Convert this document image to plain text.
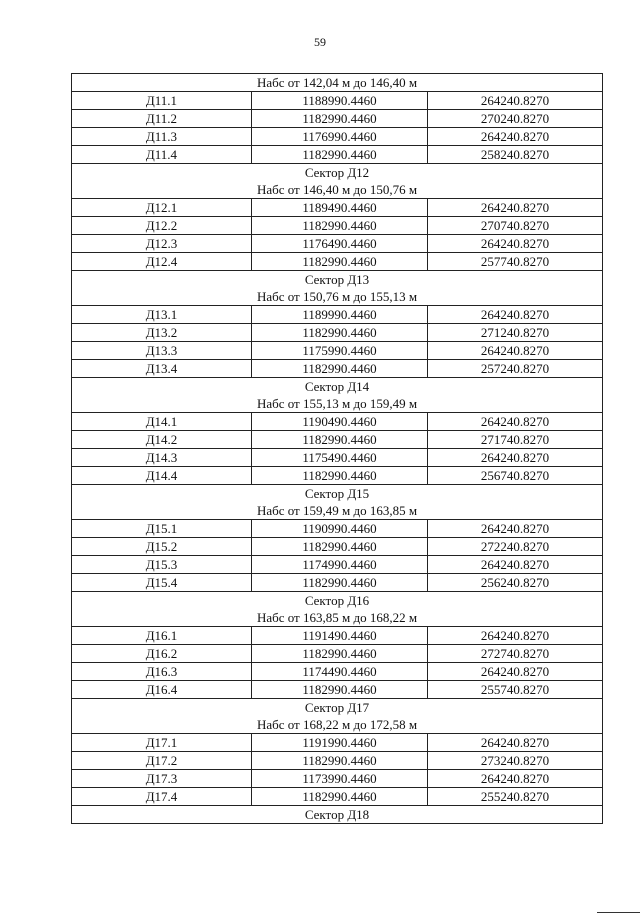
59
Набс от 142,04 м до 146,40 м		

Д11.1	1188990.4460	264240.8270
Д11.2	1182990.4460	270240.8270
Д11.3	1176990.4460	264240.8270
Д11.4	1182990.4460	258240.8270

Сектор Д12
Набс от 146,40 м до 150,76 м		

Д12.1	1189490.4460	264240.8270
Д12.2	1182990.4460	270740.8270
Д12.3	1176490.4460	264240.8270
Д12.4	1182990.4460	257740.8270

Сектор Д13
Набс от 150,76 м до 155,13 м		

Д13.1	1189990.4460	264240.8270
Д13.2	1182990.4460	271240.8270
Д13.3	1175990.4460	264240.8270
Д13.4	1182990.4460	257240.8270

Сектор Д14
Набс от 155,13 м до 159,49 м		

Д14.1	1190490.4460	264240.8270
Д14.2	1182990.4460	271740.8270
Д14.3	1175490.4460	264240.8270
Д14.4	1182990.4460	256740.8270

Сектор Д15
Набс от 159,49 м до 163,85 м		

Д15.1	1190990.4460	264240.8270
Д15.2	1182990.4460	272240.8270
Д15.3	1174990.4460	264240.8270
Д15.4	1182990.4460	256240.8270

Сектор Д16
Набс от 163,85 м до 168,22 м		

Д16.1	1191490.4460	264240.8270
Д16.2	1182990.4460	272740.8270
Д16.3	1174490.4460	264240.8270
Д16.4	1182990.4460	255740.8270

Сектор Д17
Набс от 168,22 м до 172,58 м		

Д17.1	1191990.4460	264240.8270
Д17.2	1182990.4460	273240.8270
Д17.3	1173990.4460	264240.8270
Д17.4	1182990.4460	255240.8270

Сектор Д18		
